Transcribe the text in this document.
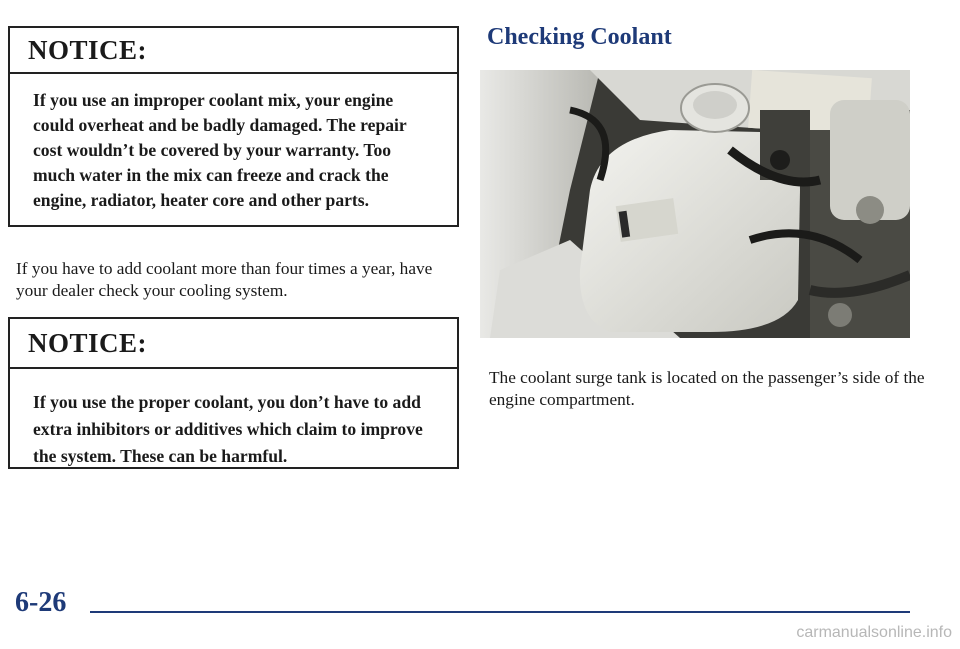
NOTICE:
If you use an improper coolant mix, your engine could overheat and be badly damaged. The repair cost wouldn’t be covered by your warranty. Too much water in the mix can freeze and crack the engine, radiator, heater core and other parts.

If you have to add coolant more than four times a year, have your dealer check your cooling system.

NOTICE:
If you use the proper coolant, you don’t have to add extra inhibitors or additives which claim to improve the system. These can be harmful.
Checking Coolant

The coolant surge tank is located on the passenger’s side of the engine compartment.

6-26
carmanualsonline.info
